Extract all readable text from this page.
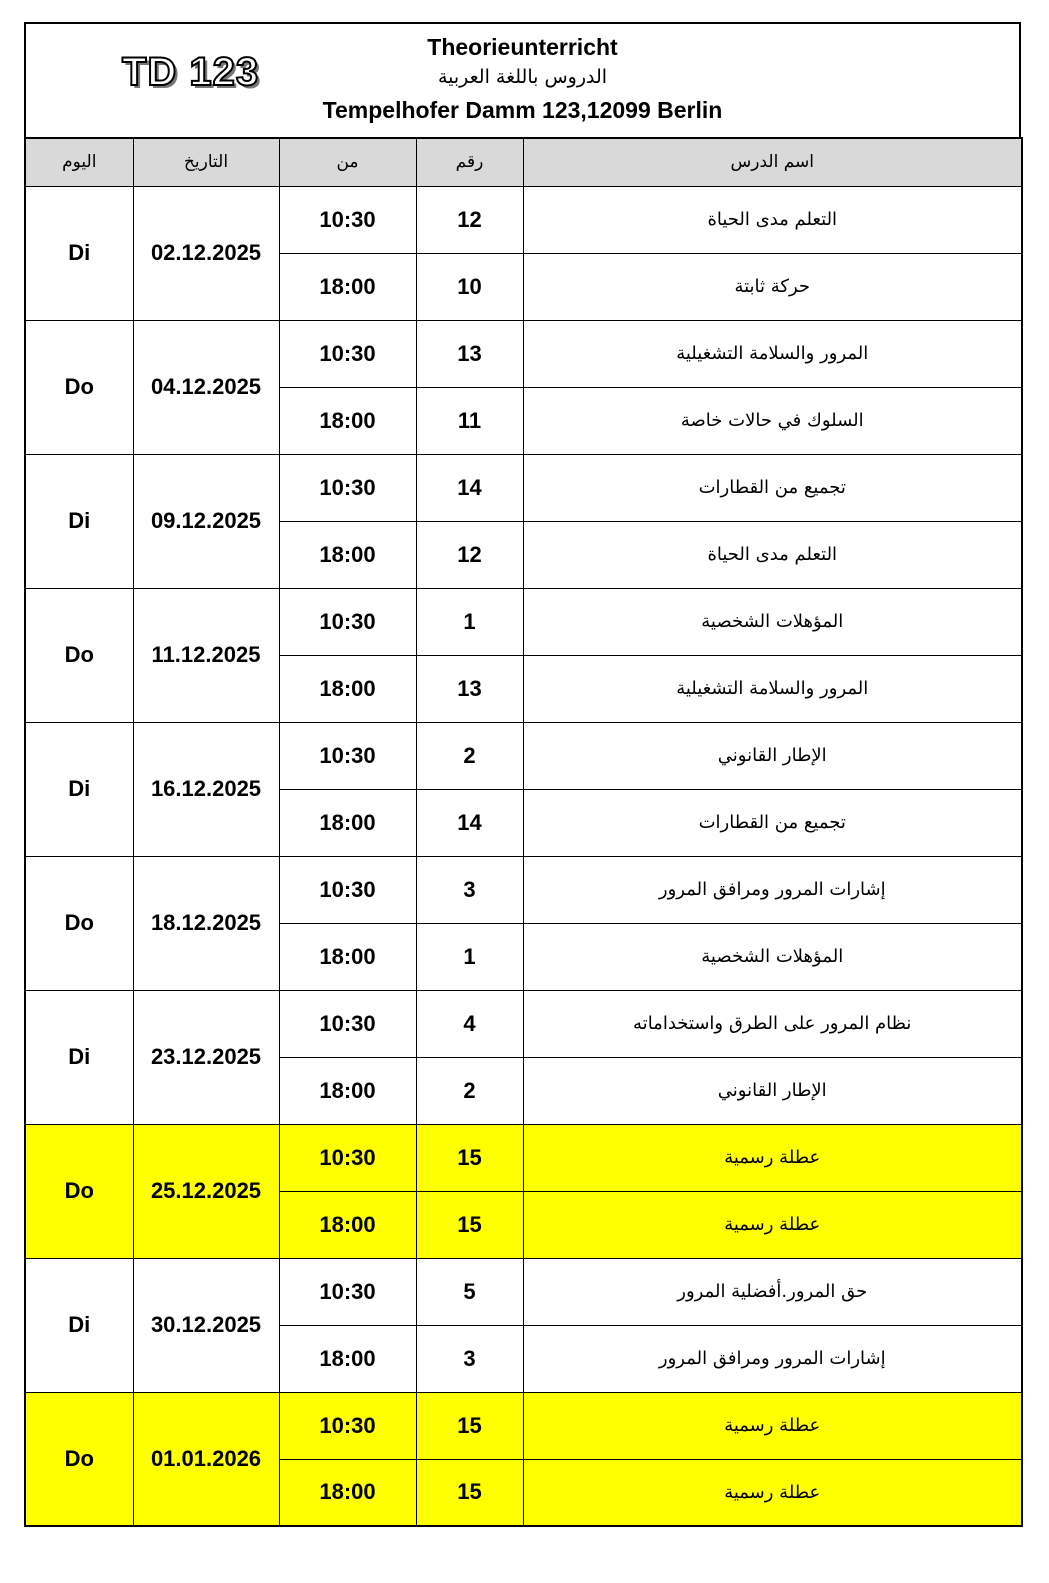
TD 123
Theorieunterricht
الدروس باللغة العربية
Tempelhofer Damm 123,12099 Berlin
اليوم	التاريخ	من	رقم	اسم الدرس
Di	02.12.2025	10:30	12	التعلم مدى الحياة
		18:00	10	حركة ثابتة
Do	04.12.2025	10:30	13	المرور والسلامة التشغيلية
		18:00	11	السلوك في حالات خاصة
Di	09.12.2025	10:30	14	تجميع من القطارات
		18:00	12	التعلم مدى الحياة
Do	11.12.2025	10:30	1	المؤهلات الشخصية
		18:00	13	المرور والسلامة التشغيلية
Di	16.12.2025	10:30	2	الإطار القانوني
		18:00	14	تجميع من القطارات
Do	18.12.2025	10:30	3	إشارات المرور ومرافق المرور
		18:00	1	المؤهلات الشخصية
Di	23.12.2025	10:30	4	نظام المرور على الطرق واستخداماته
		18:00	2	الإطار القانوني
Do	25.12.2025	10:30	15	عطلة رسمية
		18:00	15	عطلة رسمية
Di	30.12.2025	10:30	5	حق المرور.أفضلية المرور
		18:00	3	إشارات المرور ومرافق المرور
Do	01.01.2026	10:30	15	عطلة رسمية
		18:00	15	عطلة رسمية
